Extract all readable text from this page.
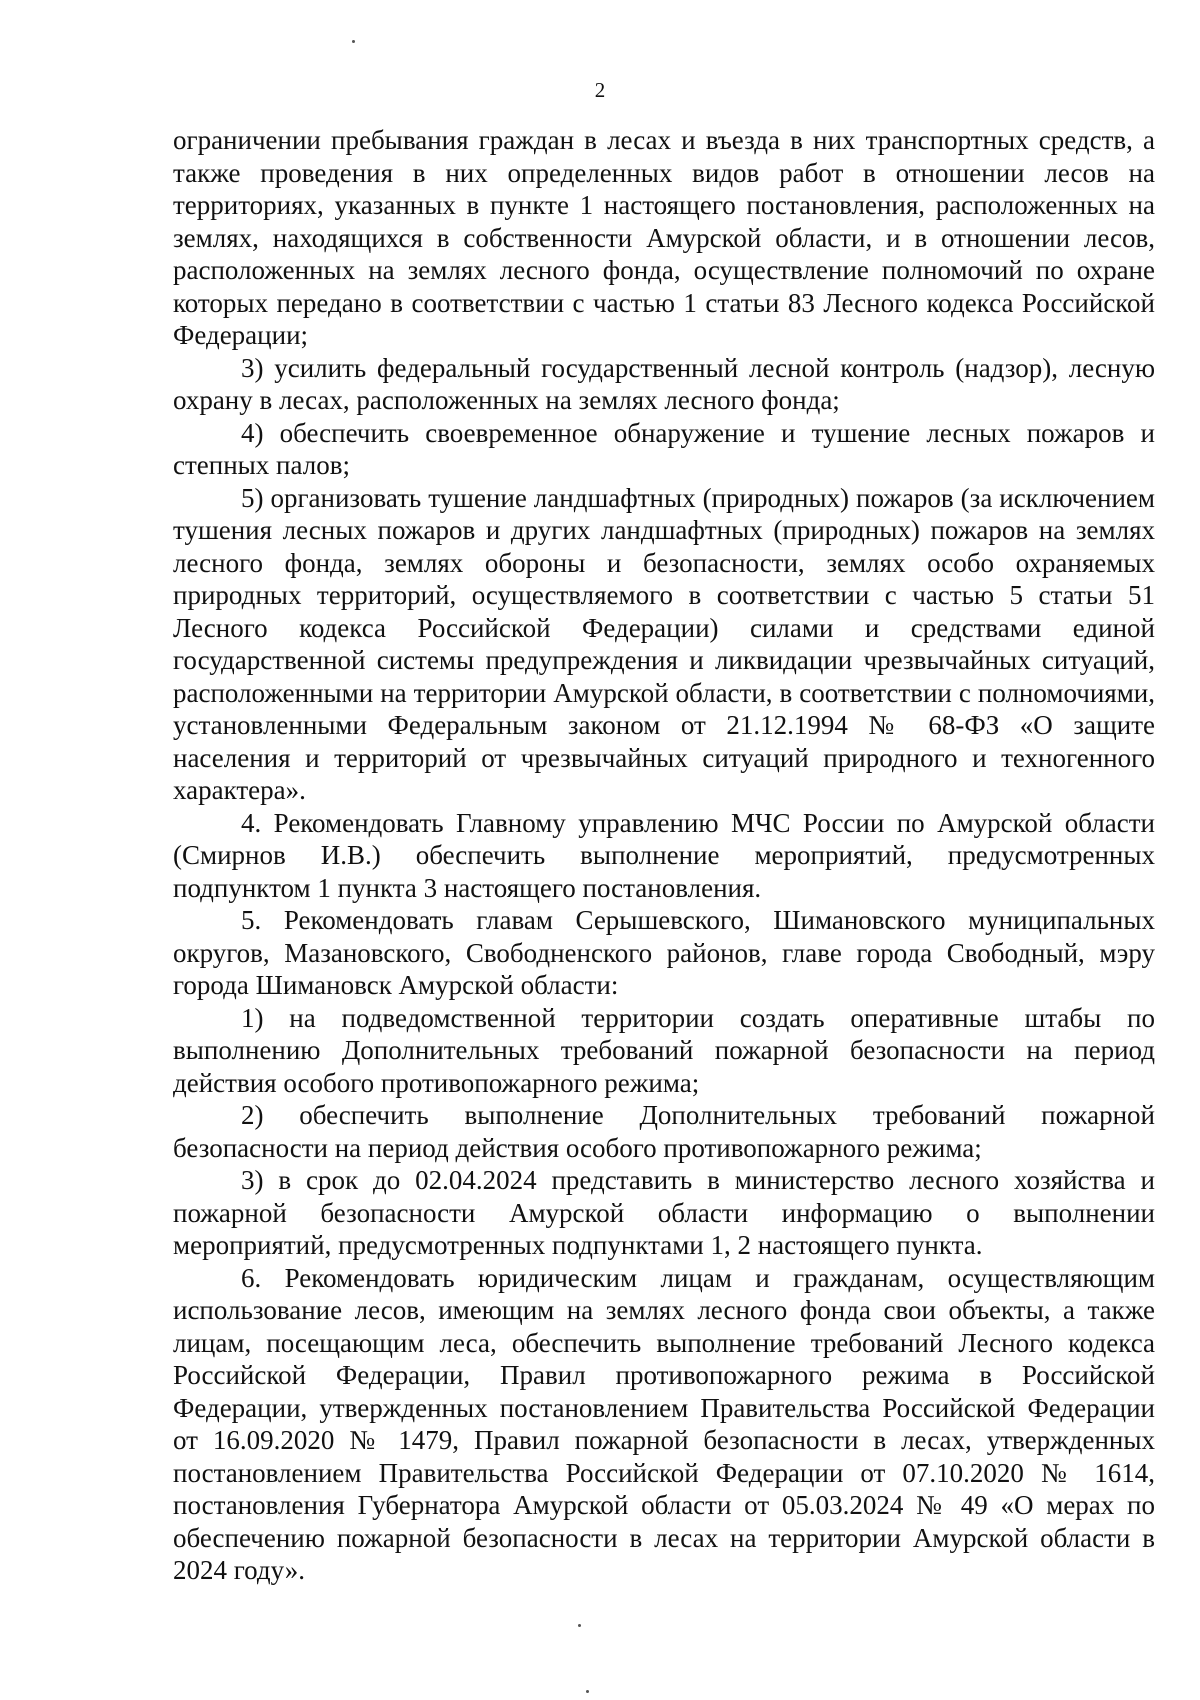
2

ограничении пребывания граждан в лесах и въезда в них транспортных средств, а также проведения в них определенных видов работ в отношении лесов на территориях, указанных в пункте 1 настоящего постановления, расположенных на землях, находящихся в собственности Амурской области, и в отношении лесов, расположенных на землях лесного фонда, осуществление полномочий по охране которых передано в соответствии с частью 1 статьи 83 Лесного кодекса Российской Федерации;

3) усилить федеральный государственный лесной контроль (надзор), лесную охрану в лесах, расположенных на землях лесного фонда;

4) обеспечить своевременное обнаружение и тушение лесных пожаров и степных палов;

5) организовать тушение ландшафтных (природных) пожаров (за исключением тушения лесных пожаров и других ландшафтных (природных) пожаров на землях лесного фонда, землях обороны и безопасности, землях особо охраняемых природных территорий, осуществляемого в соответствии с частью 5 статьи 51 Лесного кодекса Российской Федерации) силами и средствами единой государственной системы предупреждения и ликвидации чрезвычайных ситуаций, расположенными на территории Амурской области, в соответствии с полномочиями, установленными Федеральным законом от 21.12.1994 № 68-ФЗ «О защите населения и территорий от чрезвычайных ситуаций природного и техногенного характера».

4. Рекомендовать Главному управлению МЧС России по Амурской области (Смирнов И.В.) обеспечить выполнение мероприятий, предусмотренных подпунктом 1 пункта 3 настоящего постановления.

5. Рекомендовать главам Серышевского, Шимановского муниципальных округов, Мазановского, Свободненского районов, главе города Свободный, мэру города Шимановск Амурской области:

1) на подведомственной территории создать оперативные штабы по выполнению Дополнительных требований пожарной безопасности на период действия особого противопожарного режима;

2) обеспечить выполнение Дополнительных требований пожарной безопасности на период действия особого противопожарного режима;

3) в срок до 02.04.2024 представить в министерство лесного хозяйства и пожарной безопасности Амурской области информацию о выполнении мероприятий, предусмотренных подпунктами 1, 2 настоящего пункта.

6. Рекомендовать юридическим лицам и гражданам, осуществляющим использование лесов, имеющим на землях лесного фонда свои объекты, а также лицам, посещающим леса, обеспечить выполнение требований Лесного кодекса Российской Федерации, Правил противопожарного режима в Российской Федерации, утвержденных постановлением Правительства Российской Федерации от 16.09.2020 № 1479, Правил пожарной безопасности в лесах, утвержденных постановлением Правительства Российской Федерации от 07.10.2020 № 1614, постановления Губернатора Амурской области от 05.03.2024 № 49 «О мерах по обеспечению пожарной безопасности в лесах на территории Амурской области в 2024 году».
